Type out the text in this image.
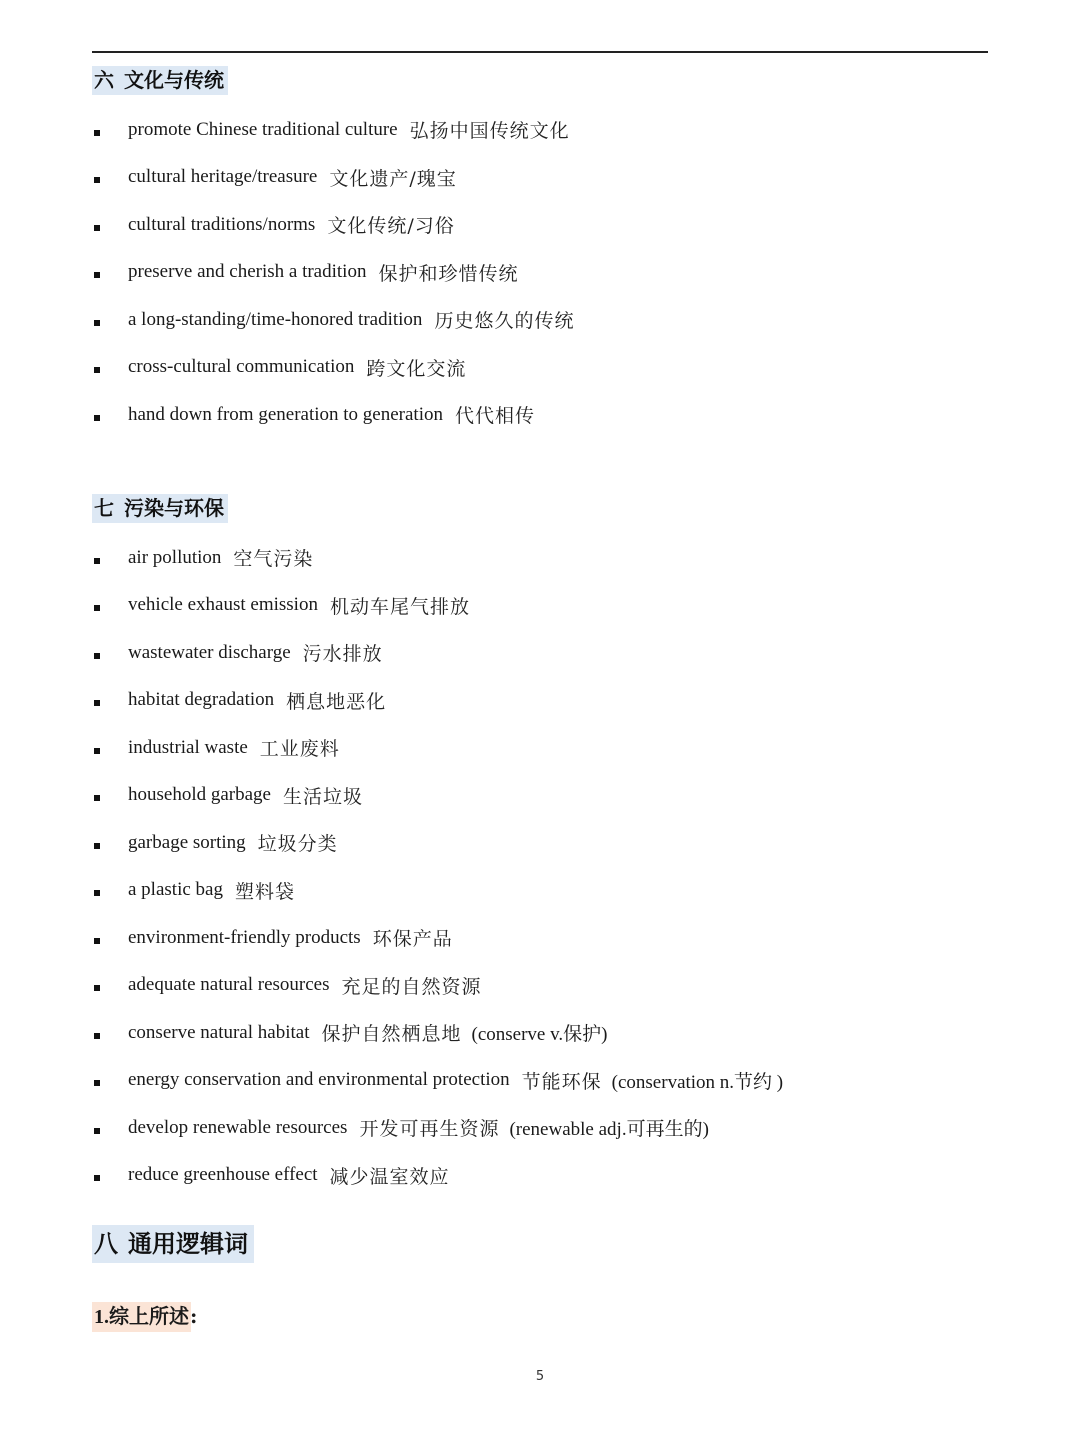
六 文化与传统
promote Chinese traditional culture 弘扬中国传统文化
cultural heritage/treasure 文化遗产/瑰宝
cultural traditions/norms 文化传统/习俗
preserve and cherish a tradition 保护和珍惜传统
a long-standing/time-honored tradition 历史悠久的传统
cross-cultural communication 跨文化交流
hand down from generation to generation 代代相传
七 污染与环保
air pollution 空气污染
vehicle exhaust emission 机动车尾气排放
wastewater discharge 污水排放
habitat degradation 栖息地恶化
industrial waste 工业废料
household garbage 生活垃圾
garbage sorting 垃圾分类
a plastic bag 塑料袋
environment-friendly products 环保产品
adequate natural resources 充足的自然资源
conserve natural habitat 保护自然栖息地 (conserve v.保护)
energy conservation and environmental protection 节能环保 (conservation n.节约 )
develop renewable resources 开发可再生资源 (renewable adj.可再生的)
reduce greenhouse effect 减少温室效应
八 通用逻辑词
1.综上所述 :
5
